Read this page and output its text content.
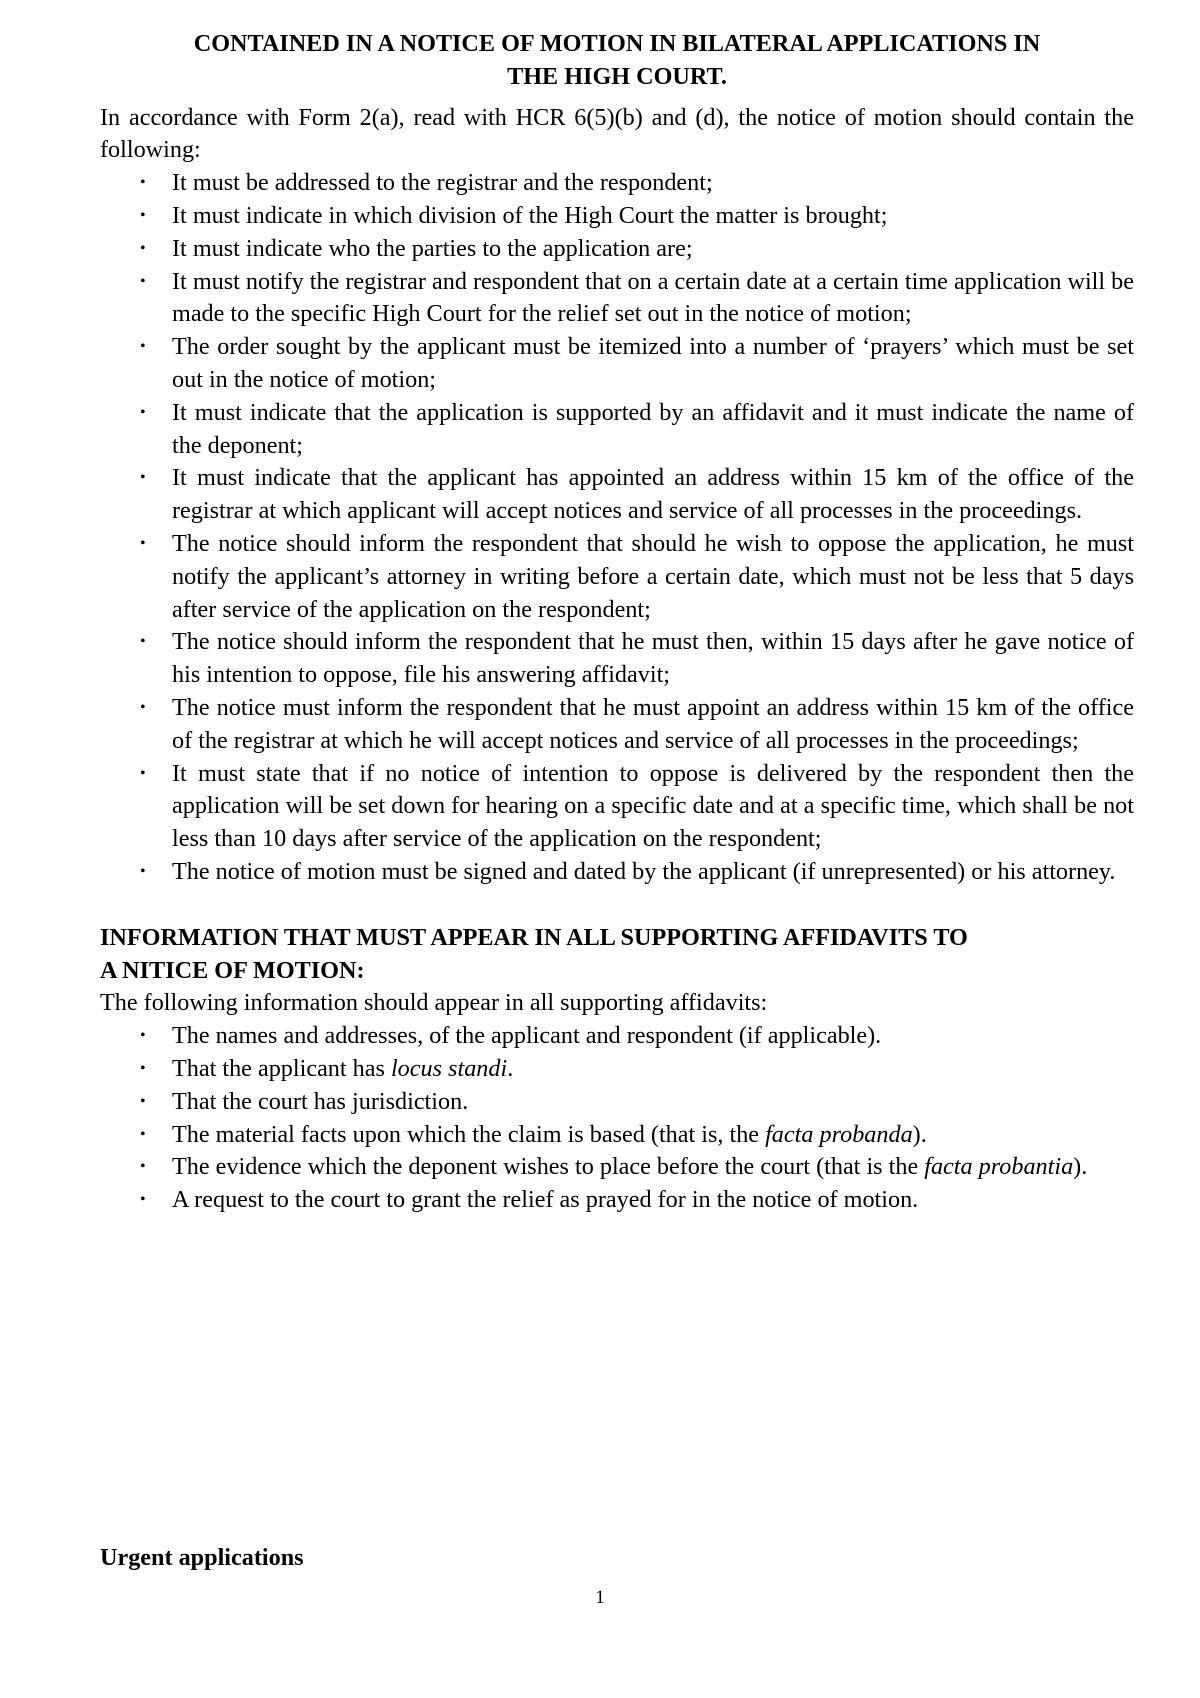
CONTAINED IN A NOTICE OF MOTION IN BILATERAL APPLICATIONS IN
THE HIGH COURT.

In accordance with Form 2(a), read with HCR 6(5)(b) and (d), the notice of motion should contain the following:

• It must be addressed to the registrar and the respondent;
• It must indicate in which division of the High Court the matter is brought;
• It must indicate who the parties to the application are;
• It must notify the registrar and respondent that on a certain date at a certain time application will be made to the specific High Court for the relief set out in the notice of motion;
• The order sought by the applicant must be itemized into a number of ‘prayers’ which must be set out in the notice of motion;
• It must indicate that the application is supported by an affidavit and it must indicate the name of the deponent;
• It must indicate that the applicant has appointed an address within 15 km of the office of the registrar at which applicant will accept notices and service of all processes in the proceedings.
• The notice should inform the respondent that should he wish to oppose the application, he must notify the applicant’s attorney in writing before a certain date, which must not be less that 5 days after service of the application on the respondent;
• The notice should inform the respondent that he must then, within 15 days after he gave notice of his intention to oppose, file his answering affidavit;
• The notice must inform the respondent that he must appoint an address within 15 km of the office of the registrar at which he will accept notices and service of all processes in the proceedings;
• It must state that if no notice of intention to oppose is delivered by the respondent then the application will be set down for hearing on a specific date and at a specific time, which shall be not less than 10 days after service of the application on the respondent;
• The notice of motion must be signed and dated by the applicant (if unrepresented) or his attorney.
INFORMATION THAT MUST APPEAR IN ALL SUPPORTING AFFIDAVITS TO
A NITICE OF MOTION:

The following information should appear in all supporting affidavits:

• The names and addresses, of the applicant and respondent (if applicable).
• That the applicant has locus standi.
• That the court has jurisdiction.
• The material facts upon which the claim is based (that is, the facta probanda).
• The evidence which the deponent wishes to place before the court (that is the facta probantia).
• A request to the court to grant the relief as prayed for in the notice of motion.
Urgent applications
1
